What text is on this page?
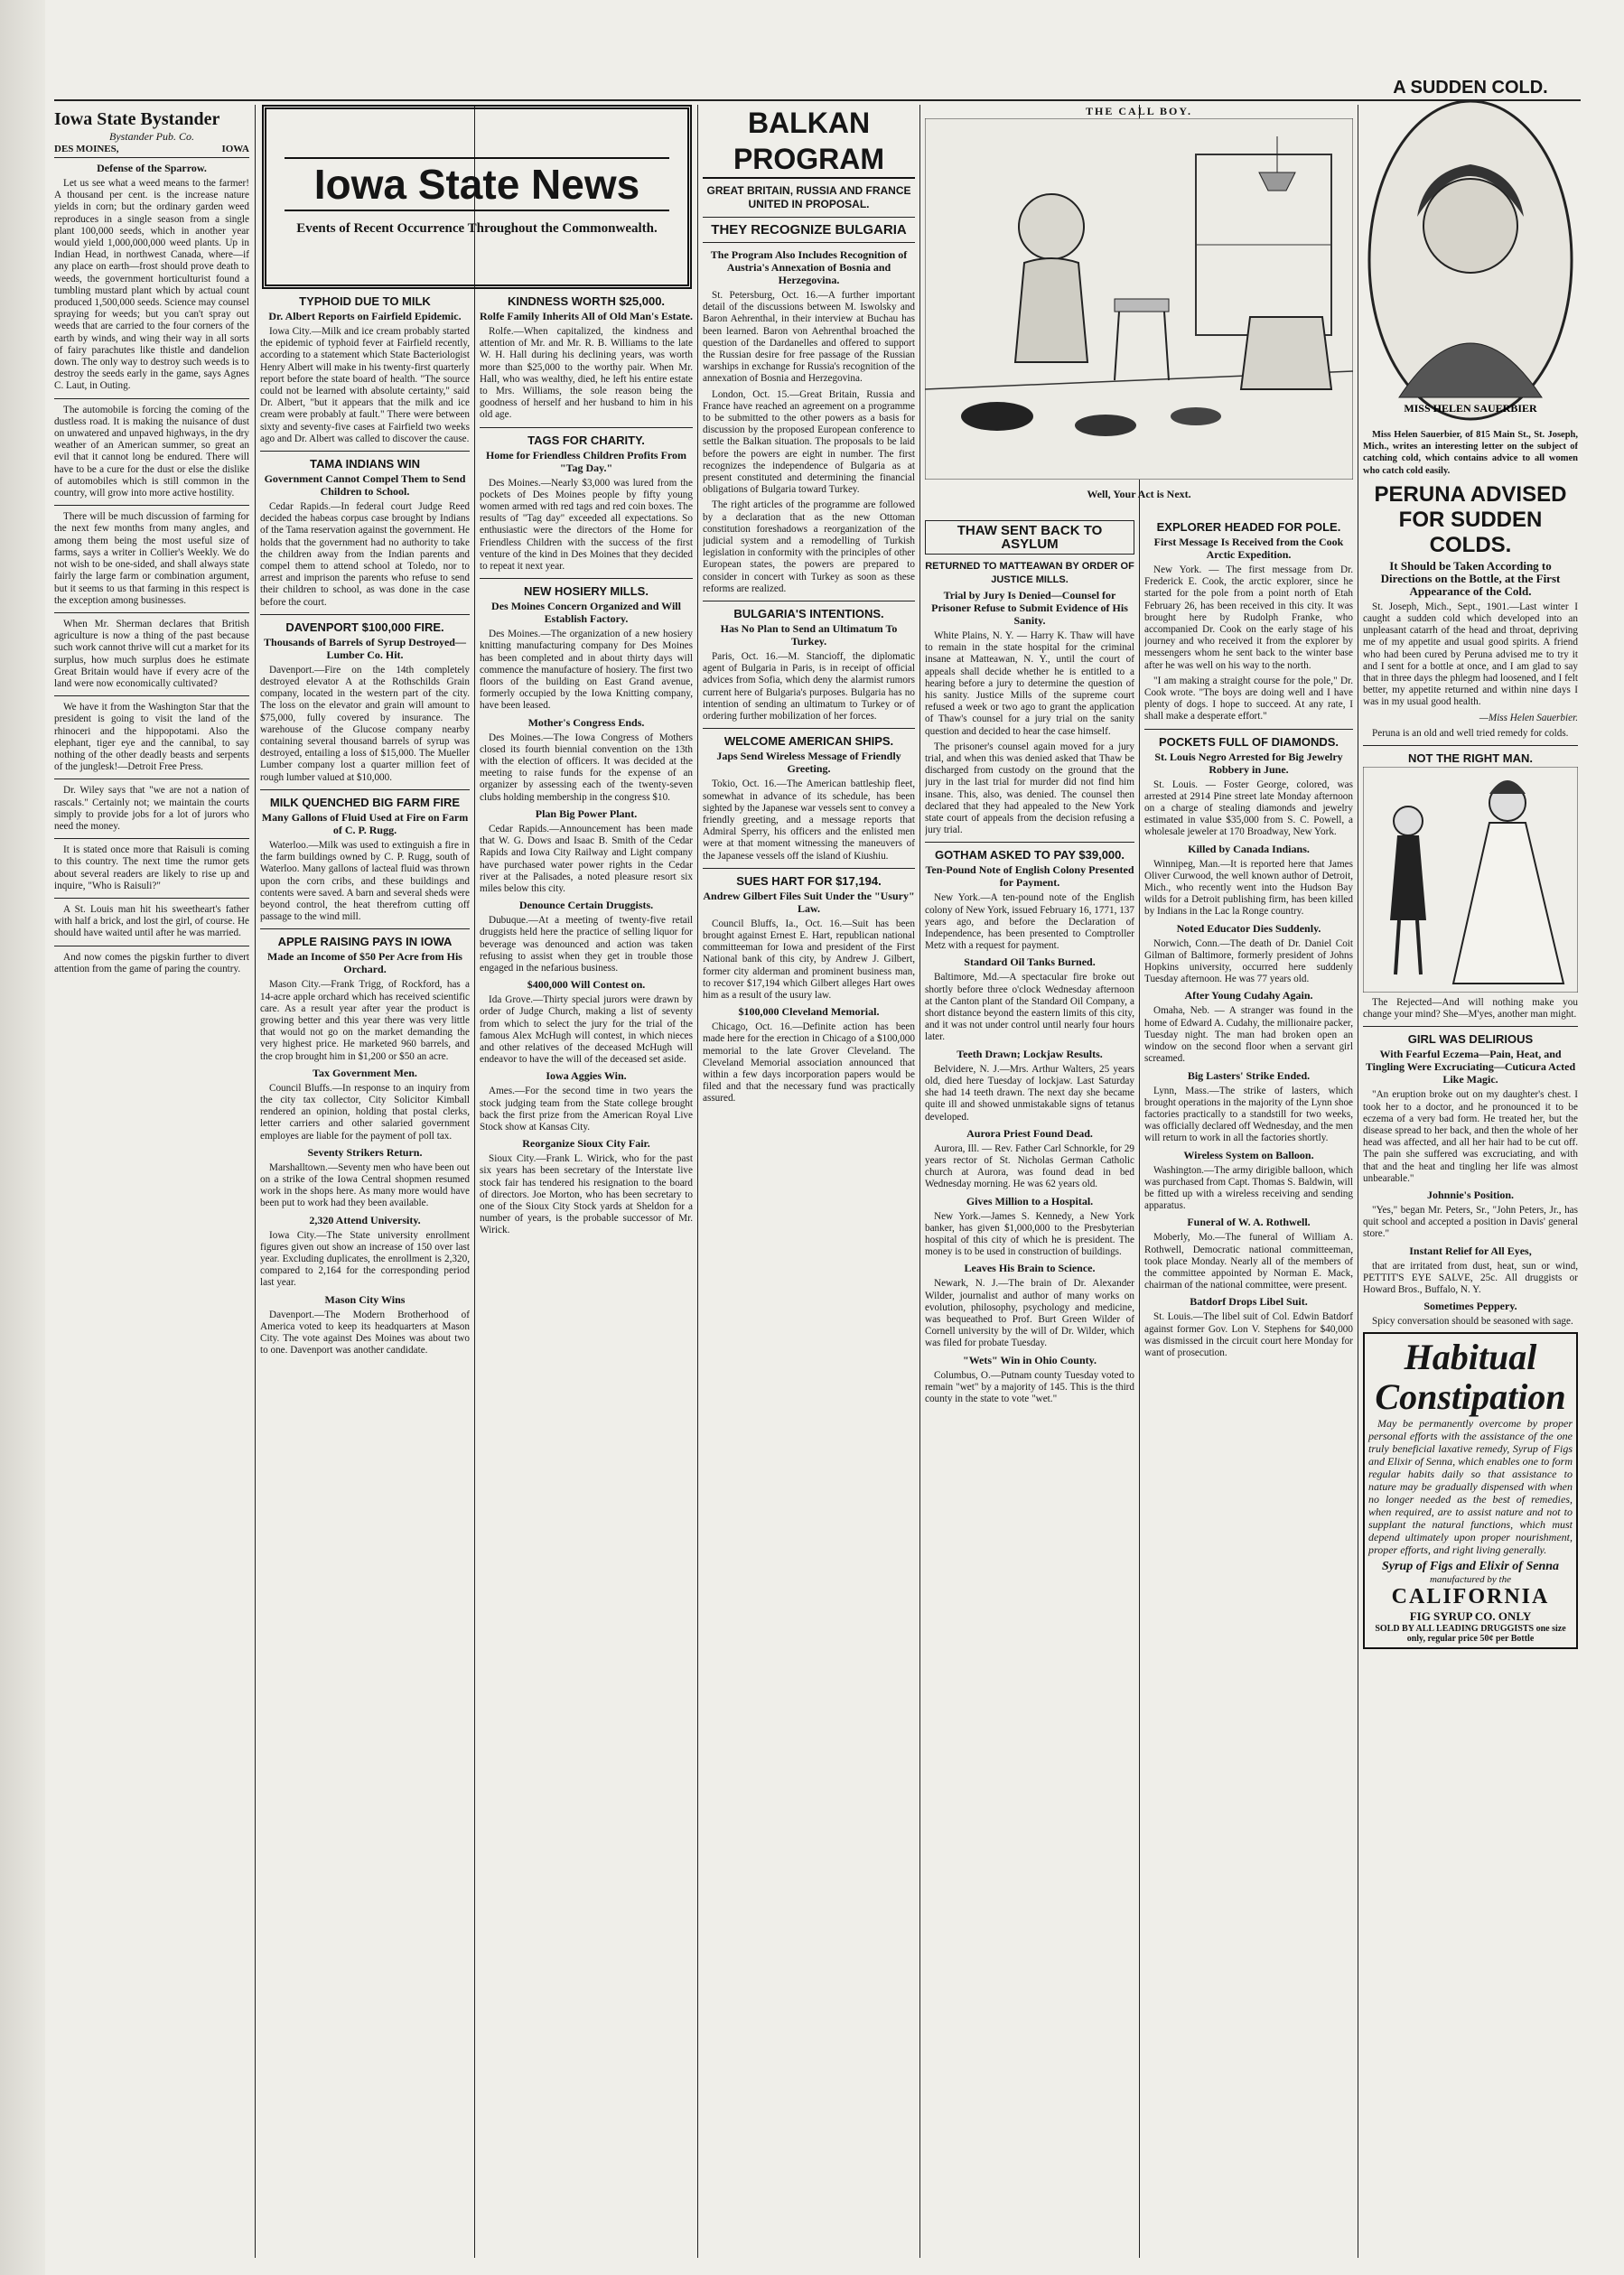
Iowa State Bystander
Bystander Pub. Co.
DES MOINES,	IOWA
Defense of the Sparrow.

Let us see what a weed means to the farmer! A thousand per cent. is the increase nature yields in corn; but the ordinary garden weed reproduces in a single season from a single plant 100,000 seeds, which in another year would yield 1,000,000,000 weed plants. Up in Indian Head, in northwest Canada, where—if any place on earth—frost should prove death to weeds, the government horticulturist found a tumbling mustard plant which by actual count produced 1,500,000 seeds. Science may counsel spraying for weeds; but you can't spray out weeds that are carried to the four corners of the earth by winds, and wing their way in all sorts of fairy parachutes like thistle and dandelion down. The only way to destroy such weeds is to destroy the seeds early in the game, says Agnes C. Laut, in Outing.

The automobile is forcing the coming of the dustless road. It is making the nuisance of dust on unwatered and unpaved highways, in the dry weather of an American summer, so great an evil that it cannot long be endured. There will have to be a cure for the dust or else the dislike of automobiles which is still common in the country, will grow into more active hostility.

There will be much discussion of farming for the next few months from many angles, and among them being the most useful size of farms, says a writer in Collier's Weekly. We do not wish to be one-sided, and shall always state fairly the large farm or combination argument, but it seems to us that farming in this respect is the exception among businesses.

When Mr. Sherman declares that British agriculture is now a thing of the past because such work cannot thrive will cut a market for its surplus, how much surplus does he estimate Great Britain would have if every acre of the land were now economically cultivated?

We have it from the Washington Star that the president is going to visit the land of the rhinoceri and the hippopotami. Also the elephant, tiger eye and the cannibal, to say nothing of the other deadly beasts and serpents of the junglesk!—Detroit Free Press.

Dr. Wiley says that "we are not a nation of rascals." Certainly not; we maintain the courts simply to provide jobs for a lot of jurors who need the money.

It is stated once more that Raisuli is coming to this country. The next time the rumor gets about several readers are likely to rise up and inquire, "Who is Raisuli?"

A St. Louis man hit his sweetheart's father with half a brick, and lost the girl, of course. He should have waited until after he was married.

And now comes the pigskin further to divert attention from the game of paring the country.

Iowa State News
Events of Recent Occurrence Throughout the Commonwealth.
TYPHOID DUE TO MILK
Dr. Albert Reports on Fairfield Epidemic.

Iowa City.—Milk and ice cream probably started the epidemic of typhoid fever at Fairfield recently, according to a statement which State Bacteriologist Henry Albert will make in his twenty-first quarterly report before the state board of health. "The source could not be learned with absolute certainty," said Dr. Albert, "but it appears that the milk and ice cream were probably at fault." There were between sixty and seventy-five cases at Fairfield two weeks ago and Dr. Albert was called to discover the cause.

TAMA INDIANS WIN
Government Cannot Compel Them to Send Children to School.

Cedar Rapids.—In federal court Judge Reed decided the habeas corpus case brought by Indians of the Tama reservation against the government. He holds that the government had no authority to take the children away from the Indian parents and compel them to attend school at Toledo, nor to arrest and imprison the parents who refuse to send their children to school, as was done in the case before the court.

DAVENPORT $100,000 FIRE.
Thousands of Barrels of Syrup Destroyed—Lumber Co. Hit.

Davenport.—Fire on the 14th completely destroyed elevator A at the Rothschilds Grain company, located in the western part of the city. The loss on the elevator and grain will amount to $75,000, fully covered by insurance. The warehouse of the Glucose company nearby containing several thousand barrels of syrup was destroyed, entailing a loss of $15,000. The Mueller Lumber company lost a quarter million feet of rough lumber valued at $10,000.

MILK QUENCHED BIG FARM FIRE
Many Gallons of Fluid Used at Fire on Farm of C. P. Rugg.

Waterloo.—Milk was used to extinguish a fire in the farm buildings owned by C. P. Rugg, south of Waterloo. Many gallons of lacteal fluid was thrown upon the corn cribs, and these buildings and contents were saved. A barn and several sheds were beyond control, the heat therefrom cutting off passage to the wind mill.

APPLE RAISING PAYS IN IOWA
Made an Income of $50 Per Acre from His Orchard.

Mason City.—Frank Trigg, of Rockford, has a 14-acre apple orchard which has received scientific care. As a result year after year the product is growing better and this year there was very little that would not go on the market demanding the very highest price. He marketed 960 barrels, and the crop brought him in $1,200 or $50 an acre.

Tax Government Men.

Council Bluffs.—In response to an inquiry from the city tax collector, City Solicitor Kimball rendered an opinion, holding that postal clerks, letter carriers and other salaried government employes are liable for the payment of poll tax.

Seventy Strikers Return.

Marshalltown.—Seventy men who have been out on a strike of the Iowa Central shopmen resumed work in the shops here. As many more would have been put to work had they been available.

2,320 Attend University.

Iowa City.—The State university enrollment figures given out show an increase of 150 over last year. Excluding duplicates, the enrollment is 2,320, compared to 2,164 for the corresponding period last year.

Mason City Wins

Davenport.—The Modern Brotherhood of America voted to keep its headquarters at Mason City. The vote against Des Moines was about two to one. Davenport was another candidate.

KINDNESS WORTH $25,000.
Rolfe Family Inherits All of Old Man's Estate.

Rolfe.—When capitalized, the kindness and attention of Mr. and Mr. R. B. Williams to the late W. H. Hall during his declining years, was worth more than $25,000 to the worthy pair. When Mr. Hall, who was wealthy, died, he left his entire estate to Mrs. Williams, the sole reason being the goodness of herself and her husband to him in his old age.

TAGS FOR CHARITY.
Home for Friendless Children Profits From "Tag Day."

Des Moines.—Nearly $3,000 was lured from the pockets of Des Moines people by fifty young women armed with red tags and red coin boxes. The results of "Tag day" exceeded all expectations. So enthusiastic were the directors of the Home for Friendless Children with the success of the first venture of the kind in Des Moines that they decided to repeat it next year.

NEW HOSIERY MILLS.
Des Moines Concern Organized and Will Establish Factory.

Des Moines.—The organization of a new hosiery knitting manufacturing company for Des Moines has been completed and in about thirty days will commence the manufacture of hosiery. The first two floors of the building on East Grand avenue, formerly occupied by the Iowa Knitting company, have been leased.

Mother's Congress Ends.

Des Moines.—The Iowa Congress of Mothers closed its fourth biennial convention on the 13th with the election of officers. It was decided at the meeting to raise funds for the expense of an organizer by assessing each of the twenty-seven clubs holding membership in the congress $10.

Plan Big Power Plant.

Cedar Rapids.—Announcement has been made that W. G. Dows and Isaac B. Smith of the Cedar Rapids and Iowa City Railway and Light company have purchased water power rights in the Cedar river at the Palisades, a noted pleasure resort six miles below this city.

Denounce Certain Druggists.

Dubuque.—At a meeting of twenty-five retail druggists held here the practice of selling liquor for beverage was denounced and action was taken refusing to assist when they get in trouble those engaged in the nefarious business.

$400,000 Will Contest on.

Ida Grove.—Thirty special jurors were drawn by order of Judge Church, making a list of seventy from which to select the jury for the trial of the famous Alex McHugh will contest, in which nieces and other relatives of the deceased McHugh will endeavor to have the will of the deceased set aside.

Iowa Aggies Win.

Ames.—For the second time in two years the stock judging team from the State college brought back the first prize from the American Royal Live Stock show at Kansas City.

Reorganize Sioux City Fair.

Sioux City.—Frank L. Wirick, who for the past six years has been secretary of the Interstate live stock fair has tendered his resignation to the board of directors. Joe Morton, who has been secretary to one of the Sioux City Stock yards at Sheldon for a number of years, is the probable successor of Mr. Wirick.

BALKAN PROGRAM
GREAT BRITAIN, RUSSIA AND FRANCE UNITED IN PROPOSAL.
THEY RECOGNIZE BULGARIA
The Program Also Includes Recognition of Austria's Annexation of Bosnia and Herzegovina.

St. Petersburg, Oct. 16.—A further important detail of the discussions between M. Iswolsky and Baron Aehrenthal, in their interview at Buchau has been learned. Baron von Aehrenthal broached the question of the Dardanelles and offered to support the Russian desire for free passage of the Russian warships in exchange for Russia's recognition of the annexation of Bosnia and Herzegovina.

London, Oct. 15.—Great Britain, Russia and France have reached an agreement on a programme to be submitted to the other powers as a basis for discussion by the proposed European conference to settle the Balkan situation. The proposals to be laid before the powers are eight in number. The first recognizes the independence of Bulgaria as at present constituted and determining the financial obligations of Bulgaria toward Turkey.

The right articles of the programme are followed by a declaration that as the new Ottoman constitution foreshadows a reorganization of the judicial system and a remodelling of Turkish legislation in conformity with the principles of other European states, the powers are prepared to consider in concert with Turkey as soon as these reforms are realized.

BULGARIA'S INTENTIONS.
Has No Plan to Send an Ultimatum To Turkey.

Paris, Oct. 16.—M. Stancioff, the diplomatic agent of Bulgaria in Paris, is in receipt of official advices from Sofia, which deny the alarmist rumors current here of Bulgaria's purposes. Bulgaria has no intention of sending an ultimatum to Turkey or of ordering further mobilization of her forces.

WELCOME AMERICAN SHIPS.
Japs Send Wireless Message of Friendly Greeting.

Tokio, Oct. 16.—The American battleship fleet, somewhat in advance of its schedule, has been sighted by the Japanese war vessels sent to convey a friendly greeting, and a message reports that Admiral Sperry, his officers and the enlisted men were at that moment witnessing the maneuvers of the Japanese vessels off the island of Kiushiu.

SUES HART FOR $17,194.
Andrew Gilbert Files Suit Under the "Usury" Law.

Council Bluffs, Ia., Oct. 16.—Suit has been brought against Ernest E. Hart, republican national committeeman for Iowa and president of the First National bank of this city, by Andrew J. Gilbert, former city alderman and prominent business man, to recover $17,194 which Gilbert alleges Hart owes him as a result of the usury law.

$100,000 Cleveland Memorial.

Chicago, Oct. 16.—Definite action has been made here for the erection in Chicago of a $100,000 memorial to the late Grover Cleveland. The Cleveland Memorial association announced that within a few days incorporation papers would be filed and that the necessary fund was practically assured.

THE CALL BOY.
Well, Your Act is Next.
THAW SENT BACK TO ASYLUM
RETURNED TO MATTEAWAN BY ORDER OF JUSTICE MILLS.
Trial by Jury Is Denied—Counsel for Prisoner Refuse to Submit Evidence of His Sanity.

White Plains, N. Y. — Harry K. Thaw will have to remain in the state hospital for the criminal insane at Matteawan, N. Y., until the court of appeals shall decide whether he is entitled to a hearing before a jury to determine the question of his sanity. Justice Mills of the supreme court refused a week or two ago to grant the application of Thaw's counsel for a jury trial on the sanity question and decided to hear the case himself.

The prisoner's counsel again moved for a jury trial, and when this was denied asked that Thaw be discharged from custody on the ground that the jury in the last trial for murder did not find him insane. This, also, was denied. The counsel then declared that they had appealed to the New York state court of appeals from the decision refusing a jury trial.

GOTHAM ASKED TO PAY $39,000.
Ten-Pound Note of English Colony Presented for Payment.

New York.—A ten-pound note of the English colony of New York, issued February 16, 1771, 137 years ago, and before the Declaration of Independence, has been presented to Comptroller Metz with a request for payment.

Standard Oil Tanks Burned.

Baltimore, Md.—A spectacular fire broke out shortly before three o'clock Wednesday afternoon at the Canton plant of the Standard Oil Company, a short distance beyond the eastern limits of this city, and it was not under control until nearly four hours later.

Teeth Drawn; Lockjaw Results.

Belvidere, N. J.—Mrs. Arthur Walters, 25 years old, died here Tuesday of lockjaw. Last Saturday she had 14 teeth drawn. The next day she became quite ill and showed unmistakable signs of tetanus developed.

Aurora Priest Found Dead.

Aurora, Ill. — Rev. Father Carl Schnorkle, for 29 years rector of St. Nicholas German Catholic church at Aurora, was found dead in bed Wednesday morning. He was 62 years old.

Gives Million to a Hospital.

New York.—James S. Kennedy, a New York banker, has given $1,000,000 to the Presbyterian hospital of this city of which he is president. The money is to be used in construction of buildings.

Leaves His Brain to Science.

Newark, N. J.—The brain of Dr. Alexander Wilder, journalist and author of many works on evolution, philosophy, psychology and medicine, was bequeathed to Prof. Burt Green Wilder of Cornell university by the will of Dr. Wilder, which was filed for probate Tuesday.

"Wets" Win in Ohio County.

Columbus, O.—Putnam county Tuesday voted to remain "wet" by a majority of 145. This is the third county in the state to vote "wet."

EXPLORER HEADED FOR POLE.
First Message Is Received from the Cook Arctic Expedition.

New York. — The first message from Dr. Frederick E. Cook, the arctic explorer, since he started for the pole from a point north of Etah February 26, has been received in this city. It was brought here by Rudolph Franke, who accompanied Dr. Cook on the early stage of his journey and who received it from the explorer by messengers whom he sent back to the winter base after he was well on his way to the north.

"I am making a straight course for the pole," Dr. Cook wrote. "The boys are doing well and I have plenty of dogs. I hope to succeed. At any rate, I shall make a desperate effort."

POCKETS FULL OF DIAMONDS.
St. Louis Negro Arrested for Big Jewelry Robbery in June.

St. Louis. — Foster George, colored, was arrested at 2914 Pine street late Monday afternoon on a charge of stealing diamonds and jewelry estimated in value $35,000 from S. C. Powell, a wholesale jeweler at 170 Broadway, New York.

Killed by Canada Indians.

Winnipeg, Man.—It is reported here that James Oliver Curwood, the well known author of Detroit, Mich., who recently went into the Hudson Bay wilds for a Detroit publishing firm, has been killed by Indians in the Lac la Ronge country.

Noted Educator Dies Suddenly.

Norwich, Conn.—The death of Dr. Daniel Coit Gilman of Baltimore, formerly president of Johns Hopkins university, occurred here suddenly Tuesday afternoon. He was 77 years old.

After Young Cudahy Again.

Omaha, Neb. — A stranger was found in the home of Edward A. Cudahy, the millionaire packer, Tuesday night. The man had broken open an window on the second floor when a servant girl screamed.

Big Lasters' Strike Ended.

Lynn, Mass.—The strike of lasters, which brought operations in the majority of the Lynn shoe factories practically to a standstill for two weeks, was officially declared off Wednesday, and the men will return to work in all the factories shortly.

Wireless System on Balloon.

Washington.—The army dirigible balloon, which was purchased from Capt. Thomas S. Baldwin, will be fitted up with a wireless receiving and sending apparatus.

Funeral of W. A. Rothwell.

Moberly, Mo.—The funeral of William A. Rothwell, Democratic national committeeman, took place Monday. Nearly all of the members of the committee appointed by Norman E. Mack, chairman of the national committee, were present.

Batdorf Drops Libel Suit.

St. Louis.—The libel suit of Col. Edwin Batdorf against former Gov. Lon V. Stephens for $40,000 was dismissed in the circuit court here Monday for want of prosecution.

A SUDDEN COLD.
MISS HELEN SAUERBIER

Miss Helen Sauerbier, of 815 Main St., St. Joseph, Mich., writes an interesting letter on the subject of catching cold, which contains advice to all women who catch cold easily.

PERUNA ADVISED FOR SUDDEN COLDS.
It Should be Taken According to Directions on the Bottle, at the First Appearance of the Cold.

St. Joseph, Mich., Sept., 1901.—Last winter I caught a sudden cold which developed into an unpleasant catarrh of the head and throat, depriving me of my appetite and usual good spirits. A friend who had been cured by Peruna advised me to try it and I sent for a bottle at once, and I am glad to say that in three days the phlegm had loosened, and I felt better, my appetite returned and within nine days I was in my usual good health.

—Miss Helen Sauerbier.

Peruna is an old and well tried remedy for colds.

NOT THE RIGHT MAN.

The Rejected—And will nothing make you change your mind? She—M'yes, another man might.

GIRL WAS DELIRIOUS
With Fearful Eczema—Pain, Heat, and Tingling Were Excruciating—Cuticura Acted Like Magic.

"An eruption broke out on my daughter's chest. I took her to a doctor, and he pronounced it to be eczema of a very bad form. He treated her, but the disease spread to her back, and then the whole of her head was affected, and all her hair had to be cut off. The pain she suffered was excruciating, and with that and the heat and tingling her life was almost unbearable."

Johnnie's Position.

"Yes," began Mr. Peters, Sr., "John Peters, Jr., has quit school and accepted a position in Davis' general store."

Instant Relief for All Eyes,

that are irritated from dust, heat, sun or wind, PETTIT'S EYE SALVE, 25c. All druggists or Howard Bros., Buffalo, N. Y.

Sometimes Peppery.

Spicy conversation should be seasoned with sage.

Habitual
Constipation

May be permanently overcome by proper personal efforts with the assistance of the one truly beneficial laxative remedy, Syrup of Figs and Elixir of Senna, which enables one to form regular habits daily so that assistance to nature may be gradually dispensed with when no longer needed as the best of remedies, when required, are to assist nature and not to supplant the natural functions, which must depend ultimately upon proper nourishment, proper efforts, and right living generally.

Syrup of Figs and Elixir of Senna
manufactured by the
CALIFORNIA
FIG SYRUP CO. ONLY
SOLD BY ALL LEADING DRUGGISTS one size only, regular price 50¢ per Bottle
